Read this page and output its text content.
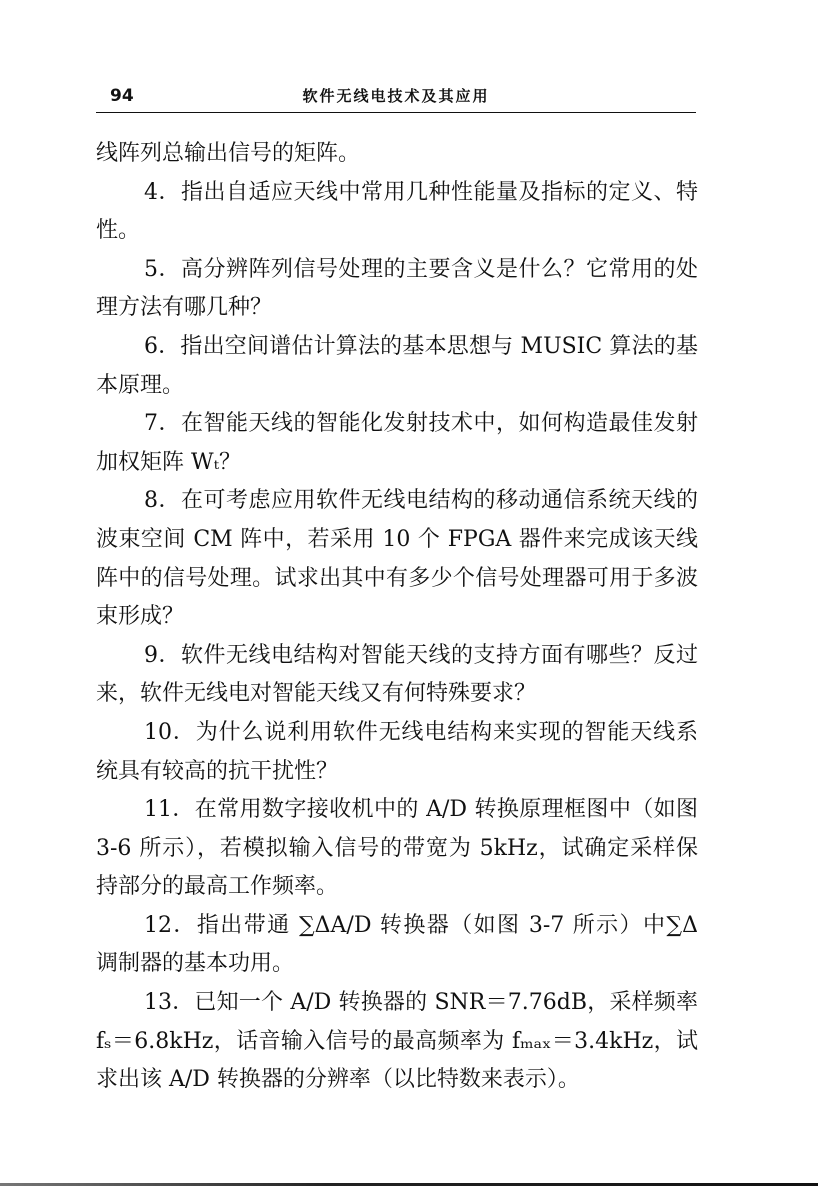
94	软件无线电技术及其应用

线阵列总输出信号的矩阵。

4．指出自适应天线中常用几种性能量及指标的定义、特性。

5．高分辨阵列信号处理的主要含义是什么？它常用的处理方法有哪几种？

6．指出空间谱估计算法的基本思想与 MUSIC 算法的基本原理。

7．在智能天线的智能化发射技术中，如何构造最佳发射加权矩阵 Wₜ？

8．在可考虑应用软件无线电结构的移动通信系统天线的波束空间 CM 阵中，若采用 10 个 FPGA 器件来完成该天线阵中的信号处理。试求出其中有多少个信号处理器可用于多波束形成？

9．软件无线电结构对智能天线的支持方面有哪些？反过来，软件无线电对智能天线又有何特殊要求？

10．为什么说利用软件无线电结构来实现的智能天线系统具有较高的抗干扰性？

11．在常用数字接收机中的 A/D 转换原理框图中（如图 3-6 所示），若模拟输入信号的带宽为 5kHz，试确定采样保持部分的最高工作频率。

12．指出带通 ∑ΔA/D 转换器（如图 3-7 所示）中∑Δ 调制器的基本功用。

13．已知一个 A/D 转换器的 SNR＝7.76dB，采样频率 fₛ＝6.8kHz，话音输入信号的最高频率为 fₘₐₓ＝3.4kHz，试求出该 A/D 转换器的分辨率（以比特数来表示）。
